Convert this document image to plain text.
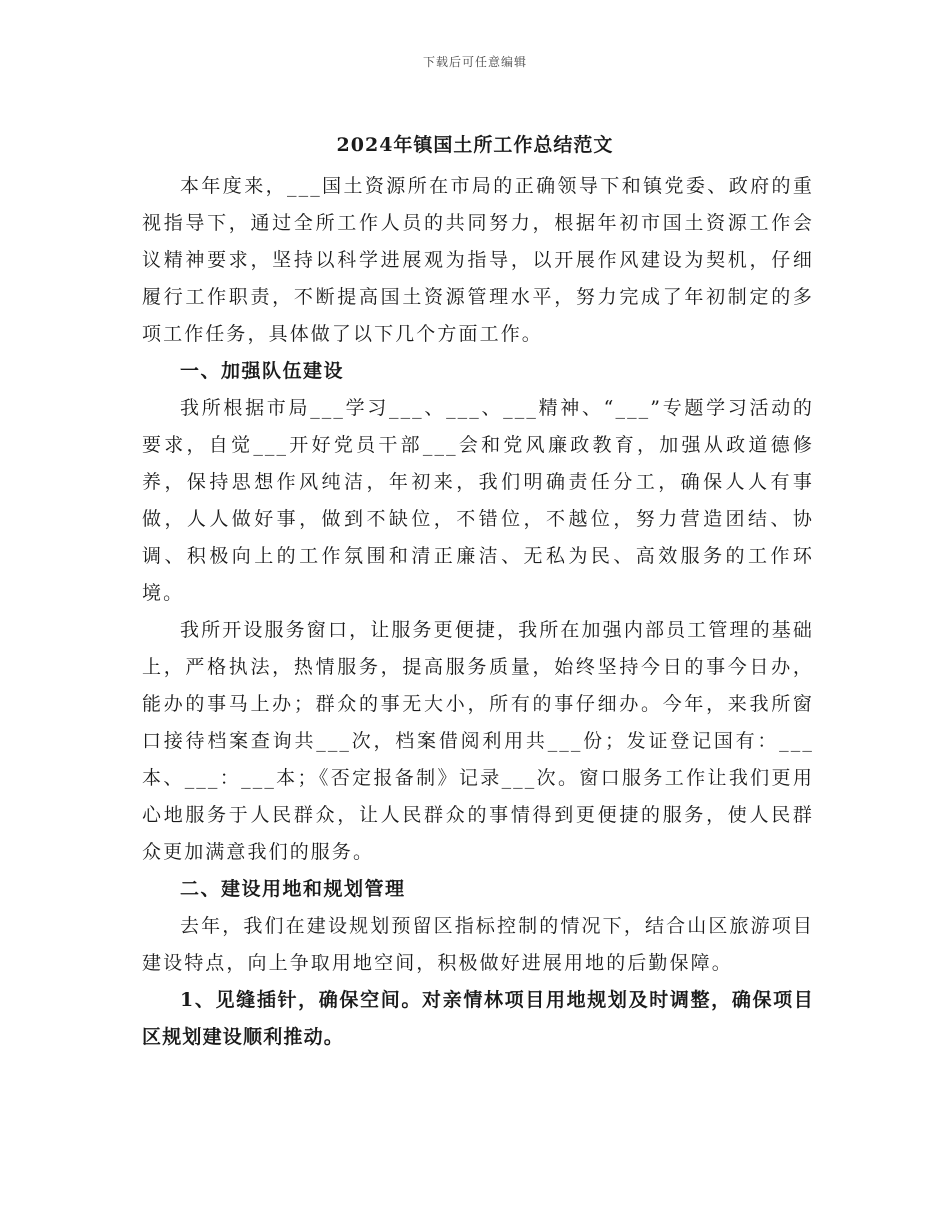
下载后可任意编辑
2024年镇国土所工作总结范文

本年度来，___国土资源所在市局的正确领导下和镇党委、政府的重视指导下，通过全所工作人员的共同努力，根据年初市国土资源工作会议精神要求，坚持以科学进展观为指导，以开展作风建设为契机，仔细履行工作职责，不断提高国土资源管理水平，努力完成了年初制定的多项工作任务，具体做了以下几个方面工作。

一、加强队伍建设

我所根据市局___学习___、___、___精神、“___”专题学习活动的要求，自觉___开好党员干部___会和党风廉政教育，加强从政道德修养，保持思想作风纯洁，年初来，我们明确责任分工，确保人人有事做，人人做好事，做到不缺位，不错位，不越位，努力营造团结、协调、积极向上的工作氛围和清正廉洁、无私为民、高效服务的工作环境。

我所开设服务窗口，让服务更便捷，我所在加强内部员工管理的基础上，严格执法，热情服务，提高服务质量，始终坚持今日的事今日办，能办的事马上办；群众的事无大小，所有的事仔细办。今年，来我所窗口接待档案查询共___次，档案借阅利用共___份；发证登记国有：___本、___：___本；《否定报备制》记录___次。窗口服务工作让我们更用心地服务于人民群众，让人民群众的事情得到更便捷的服务，使人民群众更加满意我们的服务。

二、建设用地和规划管理

去年，我们在建设规划预留区指标控制的情况下，结合山区旅游项目建设特点，向上争取用地空间，积极做好进展用地的后勤保障。

1、见缝插针，确保空间。对亲情林项目用地规划及时调整，确保项目区规划建设顺利推动。
